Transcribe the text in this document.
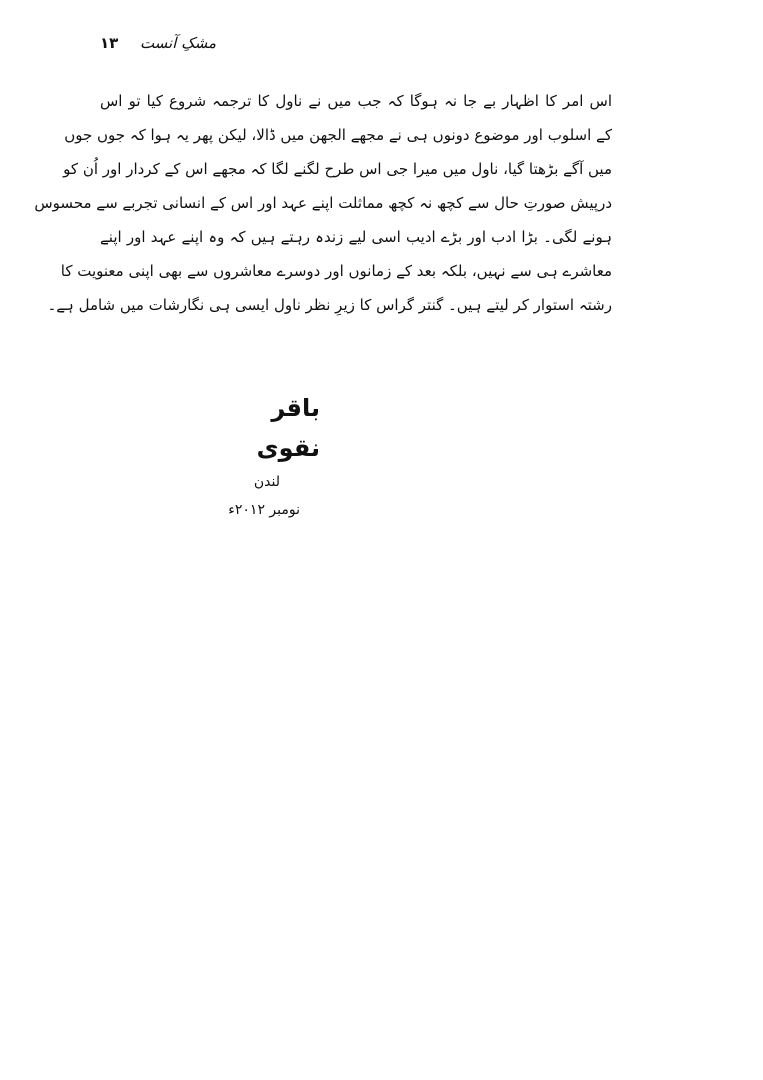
۱۳ مشکِ آنست
اس امر کا اظہار بے جا نہ ہوگا کہ جب میں نے ناول کا ترجمہ شروع کیا تو اس
کے اسلوب اور موضوع دونوں ہی نے مجھے الجھن میں ڈالا، لیکن پھر یہ ہوا کہ جوں جوں
میں آگے بڑھتا گیا، ناول میں میرا جی اس طرح لگنے لگا کہ مجھے اس کے کردار اور اُن کو
درپیش صورتِ حال سے کچھ نہ کچھ مماثلت اپنے عہد اور اس کے انسانی تجربے سے محسوس
ہونے لگی۔ بڑا ادب اور بڑے ادیب اسی لیے زندہ رہتے ہیں کہ وہ اپنے عہد اور اپنے
معاشرے ہی سے نہیں، بلکہ بعد کے زمانوں اور دوسرے معاشروں سے بھی اپنی معنویت کا
رشتہ استوار کر لیتے ہیں۔ گنتر گراس کا زیرِ نظر ناول ایسی ہی نگارشات میں شامل ہے۔
باقر نقوی
لندن
نومبر ۲۰۱۲ء
